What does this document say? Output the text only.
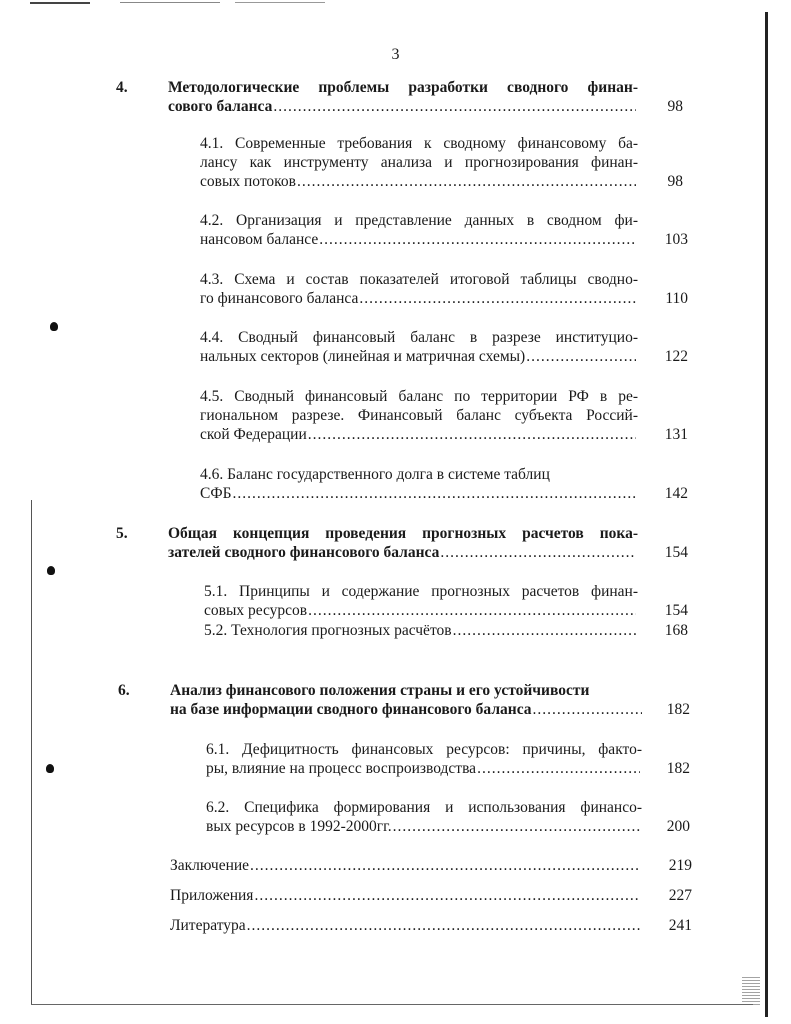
3
4.	Методологические проблемы разработки сводного финан-
сового баланса .....	98
4.1. Современные требования к сводному финансовому ба-
лансу как инструменту анализа и прогнозирования финан-
совых потоков .....	98
4.2. Организация и представление данных в сводном фи-
нансовом балансе .....	103
4.3. Схема и состав показателей итоговой таблицы сводно-
го финансового баланса .....	110
4.4. Сводный финансовый баланс в разрезе институцио-
нальных секторов (линейная и матричная схемы) .....	122
4.5. Сводный финансовый баланс по территории РФ в ре-
гиональном разрезе. Финансовый баланс субъекта Россий-
ской Федерации .....	131
4.6. Баланс государственного долга в системе таблиц
СФБ .....	142
5.	Общая концепция проведения прогнозных расчетов пока-
зателей сводного финансового баланса .....	154
5.1. Принципы и содержание прогнозных расчетов финан-
совых ресурсов .....	154
5.2. Технология прогнозных расчётов .....	168
6.	Анализ финансового положения страны и его устойчивости
на базе информации сводного финансового баланса .....	182
6.1. Дефицитность финансовых ресурсов: причины, факто-
ры, влияние на процесс воспроизводства .....	182
6.2. Специфика формирования и использования финансо-
вых ресурсов в 1992-2000гг. .....	200
Заключение .....	219
Приложения .....	227
Литература .....	241
